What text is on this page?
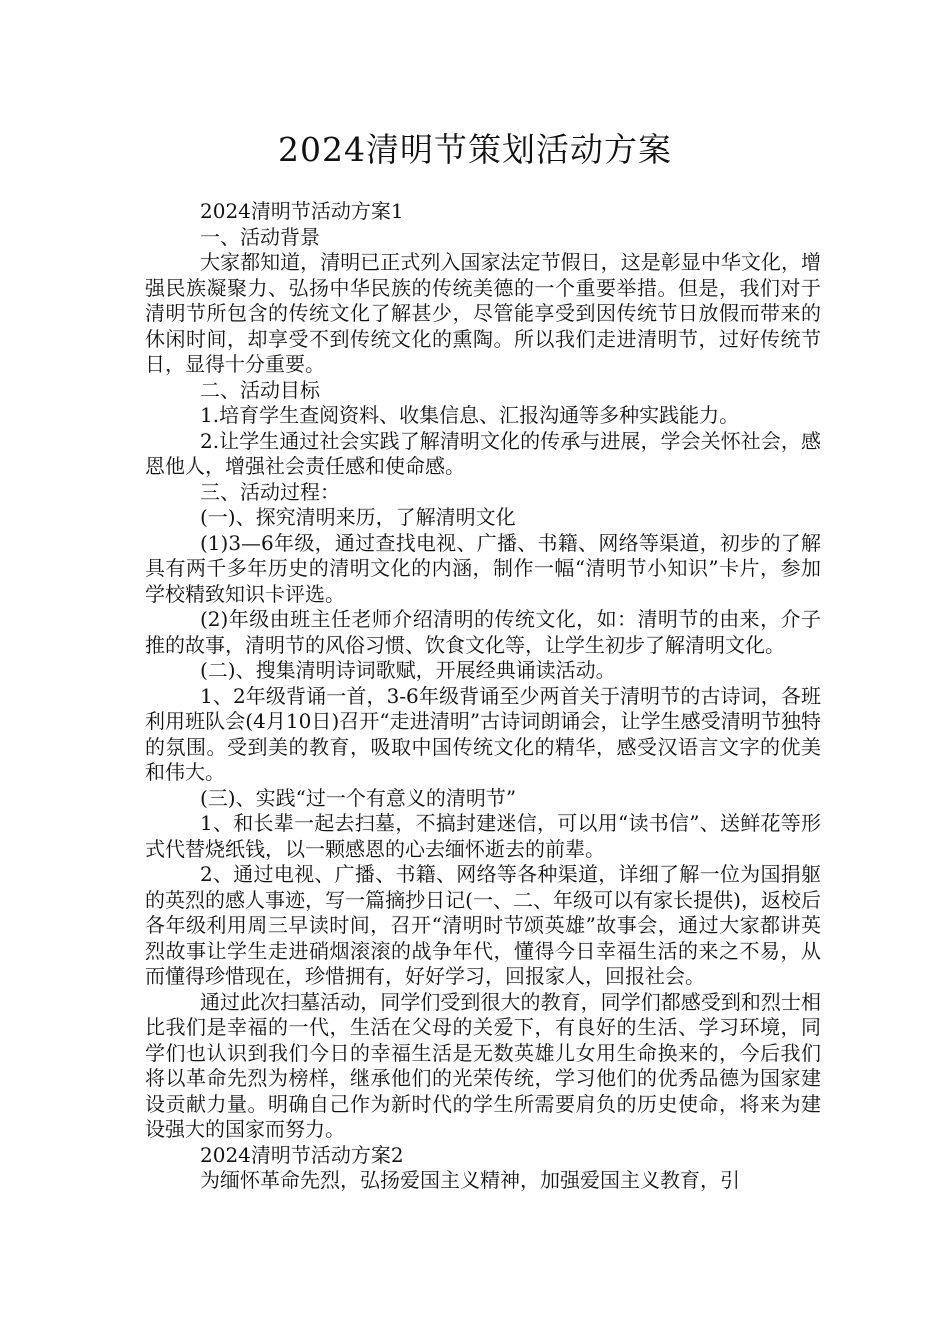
2024清明节策划活动方案

2024清明节活动方案1

一、活动背景

大家都知道，清明已正式列入国家法定节假日，这是彰显中华文化，增强民族凝聚力、弘扬中华民族的传统美德的一个重要举措。但是，我们对于清明节所包含的传统文化了解甚少，尽管能享受到因传统节日放假而带来的休闲时间，却享受不到传统文化的熏陶。所以我们走进清明节，过好传统节日，显得十分重要。

二、活动目标

1.培育学生查阅资料、收集信息、汇报沟通等多种实践能力。

2.让学生通过社会实践了解清明文化的传承与进展，学会关怀社会，感恩他人，增强社会责任感和使命感。

三、活动过程：

(一)、探究清明来历，了解清明文化

(1)3—6年级，通过查找电视、广播、书籍、网络等渠道，初步的了解具有两千多年历史的清明文化的内涵，制作一幅“清明节小知识”卡片，参加学校精致知识卡评选。

(2)年级由班主任老师介绍清明的传统文化，如：清明节的由来，介子推的故事，清明节的风俗习惯、饮食文化等，让学生初步了解清明文化。

(二)、搜集清明诗词歌赋，开展经典诵读活动。

1、2年级背诵一首，3-6年级背诵至少两首关于清明节的古诗词，各班利用班队会(4月10日)召开“走进清明”古诗词朗诵会，让学生感受清明节独特的氛围。受到美的教育，吸取中国传统文化的精华，感受汉语言文字的优美和伟大。

(三)、实践“过一个有意义的清明节”

1、和长辈一起去扫墓，不搞封建迷信，可以用“读书信”、送鲜花等形式代替烧纸钱，以一颗感恩的心去缅怀逝去的前辈。

2、通过电视、广播、书籍、网络等各种渠道，详细了解一位为国捐躯的英烈的感人事迹，写一篇摘抄日记(一、二、年级可以有家长提供)，返校后各年级利用周三早读时间，召开“清明时节颂英雄”故事会，通过大家都讲英烈故事让学生走进硝烟滚滚的战争年代，懂得今日幸福生活的来之不易，从而懂得珍惜现在，珍惜拥有，好好学习，回报家人，回报社会。

通过此次扫墓活动，同学们受到很大的教育，同学们都感受到和烈士相比我们是幸福的一代，生活在父母的关爱下，有良好的生活、学习环境，同学们也认识到我们今日的幸福生活是无数英雄儿女用生命换来的，今后我们将以革命先烈为榜样，继承他们的光荣传统，学习他们的优秀品德为国家建设贡献力量。明确自己作为新时代的学生所需要肩负的历史使命，将来为建设强大的国家而努力。

2024清明节活动方案2

为缅怀革命先烈，弘扬爱国主义精神，加强爱国主义教育，引
